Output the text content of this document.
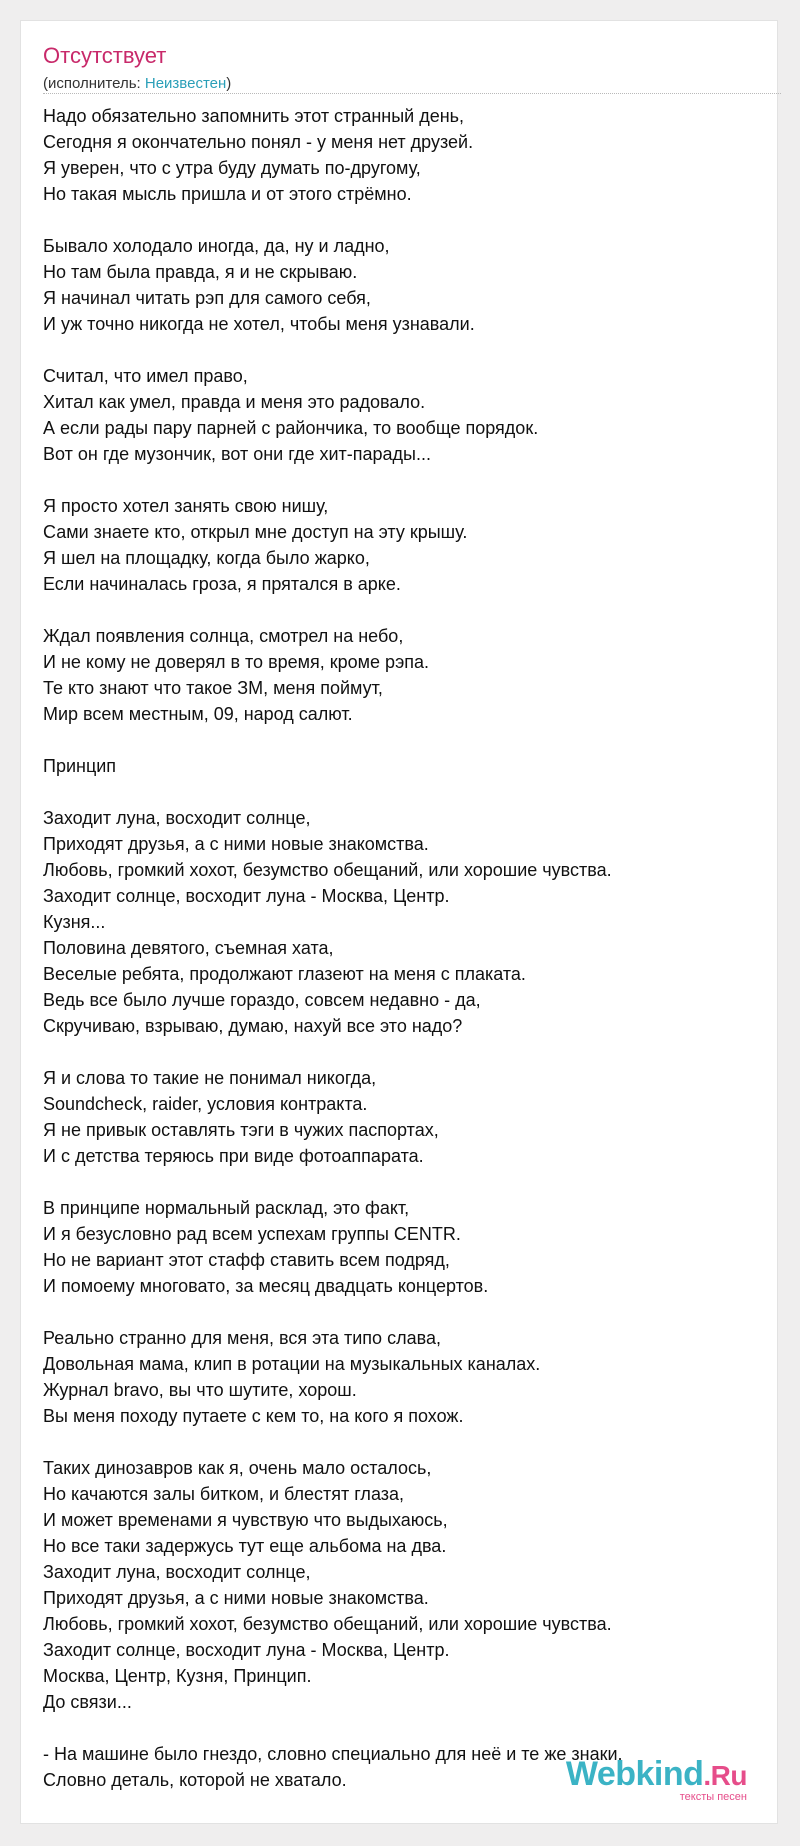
Отсутствует
(исполнитель: Неизвестен)
Надо обязательно запомнить этот странный день,
Сегодня я окончательно понял - у меня нет друзей.
Я уверен, что с утра буду думать по-другому,
Но такая мысль пришла и от этого стрёмно.
Бывало холодало иногда, да, ну и ладно,
Но там была правда, я и не скрываю.
Я начинал читать рэп для самого себя,
И уж точно никогда не хотел, чтобы меня узнавали.
Считал, что имел право,
Хитал как умел, правда и меня это радовало.
А если рады пару парней с райончика, то вообще порядок.
Вот он где музончик, вот они где хит-парады...
Я просто хотел занять свою нишу,
Сами знаете кто, открыл мне доступ на эту крышу.
Я шел на площадку, когда было жарко,
Если начиналась гроза, я прятался в арке.
Ждал появления солнца, смотрел на небо,
И не кому не доверял в то время, кроме рэпа.
Те кто знают что такое ЗМ, меня поймут,
Мир всем местным, 09, народ салют.
Принцип
Заходит луна, восходит солнце,
Приходят друзья, а с ними новые знакомства.
Любовь, громкий хохот, безумство обещаний, или хорошие чувства.
Заходит солнце, восходит луна - Москва, Центр.
Кузня...
Половина девятого, съемная хата,
Веселые ребята, продолжают глазеют на меня с плаката.
Ведь все было лучше гораздо, совсем недавно - да,
Скручиваю, взрываю, думаю, нахуй все это надо?
Я и слова то такие не понимал никогда,
Soundcheck, raider, условия контракта.
Я не привык оставлять тэги в чужих паспортах,
И с детства теряюсь при виде фотоаппарата.
В принципе нормальный расклад, это факт,
И я безусловно рад всем успехам группы CENTR.
Но не вариант этот стафф ставить всем подряд,
И помоему многовато, за месяц двадцать концертов.
Реально странно для меня, вся эта типо слава,
Довольная мама, клип в ротации на музыкальных каналах.
Журнал bravo, вы что шутите, хорош.
Вы меня походу путаете с кем то, на кого я похож.
Таких динозавров как я, очень мало осталось,
Но качаются залы битком, и блестят глаза,
И может временами я чувствую что выдыхаюсь,
Но все таки задержусь тут еще альбома на два.
Заходит луна, восходит солнце,
Приходят друзья, а с ними новые знакомства.
Любовь, громкий хохот, безумство обещаний, или хорошие чувства.
Заходит солнце, восходит луна - Москва, Центр.
Москва, Центр, Кузня, Принцип.
До связи...
- На машине было гнездо, словно специально для неё и те же знаки.
Словно деталь, которой не хватало.	Webkind.Ru
тексты песен
